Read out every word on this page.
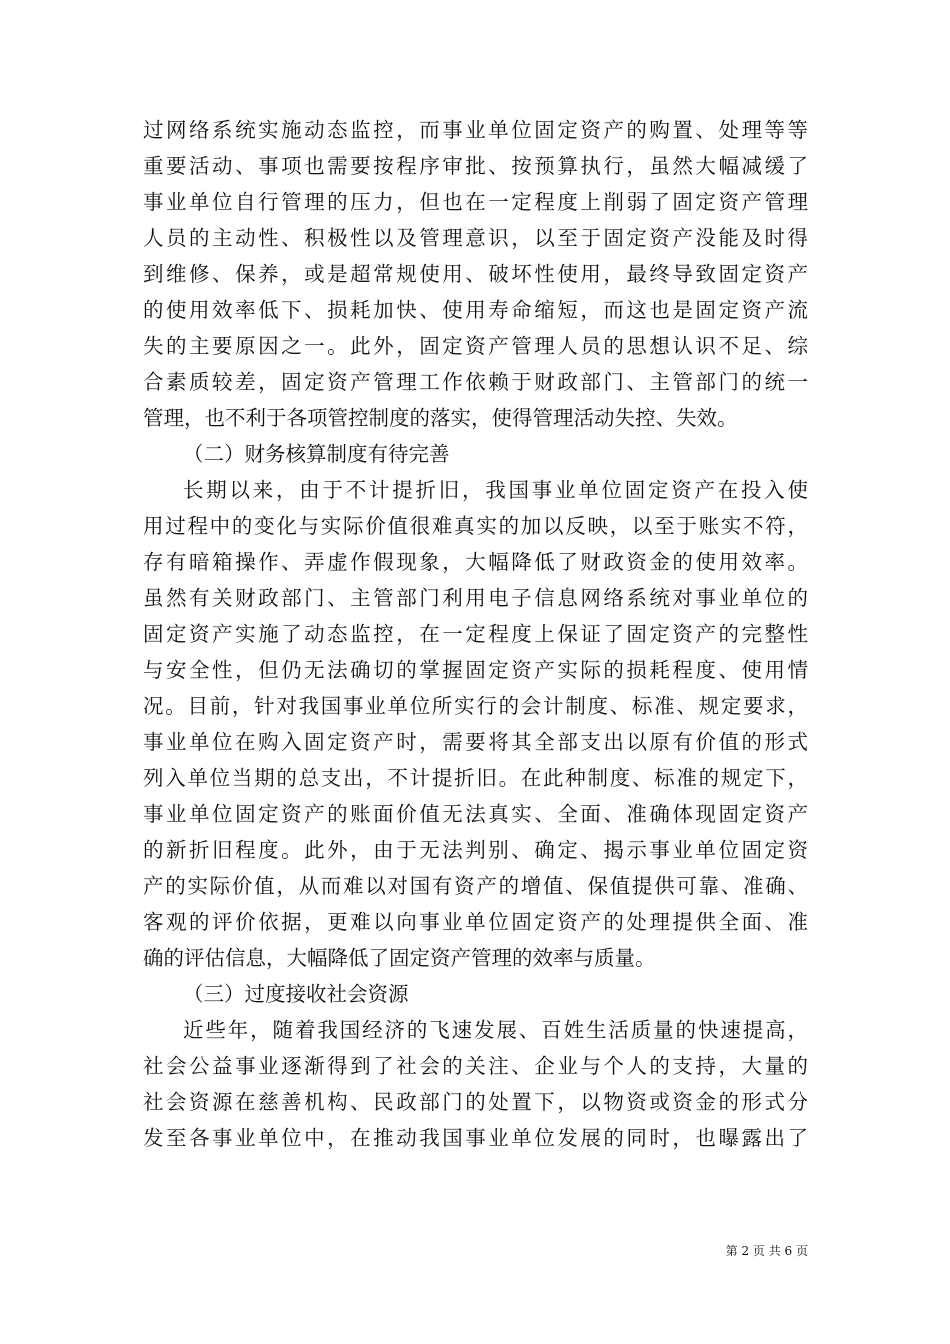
过网络系统实施动态监控，而事业单位固定资产的购置、处理等等
重要活动、事项也需要按程序审批、按预算执行，虽然大幅减缓了
事业单位自行管理的压力，但也在一定程度上削弱了固定资产管理
人员的主动性、积极性以及管理意识，以至于固定资产没能及时得
到维修、保养，或是超常规使用、破坏性使用，最终导致固定资产
的使用效率低下、损耗加快、使用寿命缩短，而这也是固定资产流
失的主要原因之一。此外，固定资产管理人员的思想认识不足、综
合素质较差，固定资产管理工作依赖于财政部门、主管部门的统一
管理，也不利于各项管控制度的落实，使得管理活动失控、失效。
（二）财务核算制度有待完善
长期以来，由于不计提折旧，我国事业单位固定资产在投入使
用过程中的变化与实际价值很难真实的加以反映，以至于账实不符，
存有暗箱操作、弄虚作假现象，大幅降低了财政资金的使用效率。
虽然有关财政部门、主管部门利用电子信息网络系统对事业单位的
固定资产实施了动态监控，在一定程度上保证了固定资产的完整性
与安全性，但仍无法确切的掌握固定资产实际的损耗程度、使用情
况。目前，针对我国事业单位所实行的会计制度、标准、规定要求，
事业单位在购入固定资产时，需要将其全部支出以原有价值的形式
列入单位当期的总支出，不计提折旧。在此种制度、标准的规定下，
事业单位固定资产的账面价值无法真实、全面、准确体现固定资产
的新折旧程度。此外，由于无法判别、确定、揭示事业单位固定资
产的实际价值，从而难以对国有资产的增值、保值提供可靠、准确、
客观的评价依据，更难以向事业单位固定资产的处理提供全面、准
确的评估信息，大幅降低了固定资产管理的效率与质量。
（三）过度接收社会资源
近些年，随着我国经济的飞速发展、百姓生活质量的快速提高，
社会公益事业逐渐得到了社会的关注、企业与个人的支持，大量的
社会资源在慈善机构、民政部门的处置下，以物资或资金的形式分
发至各事业单位中，在推动我国事业单位发展的同时，也曝露出了
第 2 页 共 6 页
